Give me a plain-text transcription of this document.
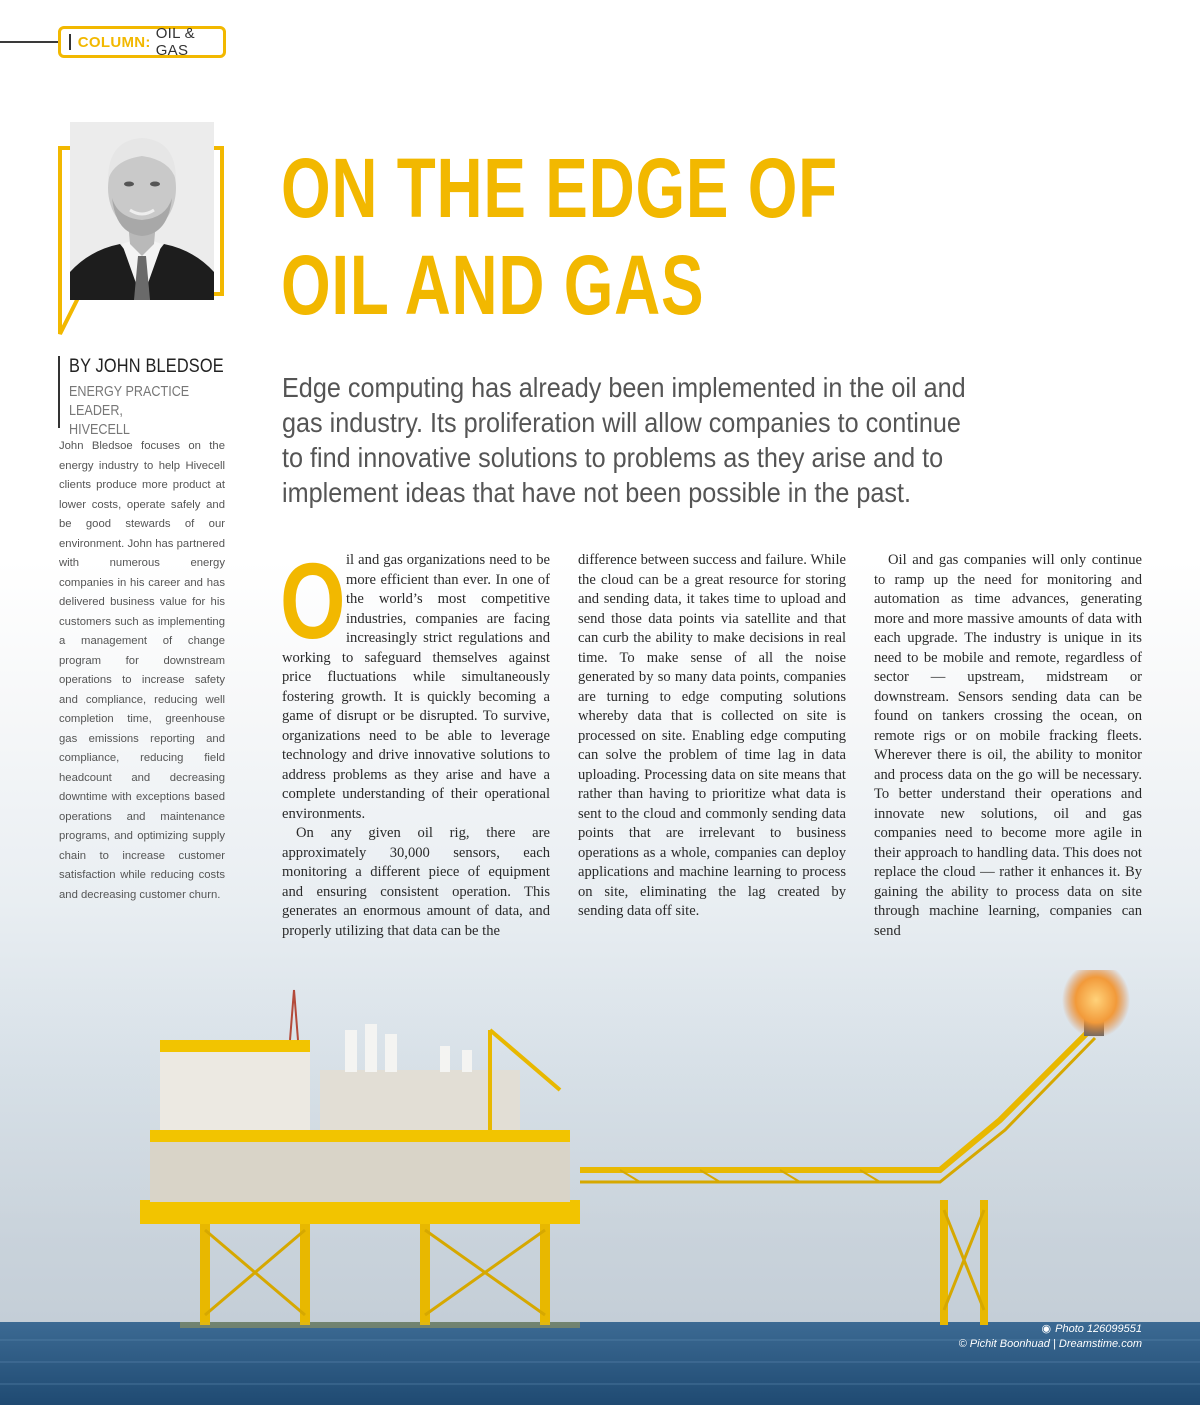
COLUMN: OIL & GAS
BY JOHN BLEDSOE
ENERGY PRACTICE LEADER,
HIVECELL
John Bledsoe focuses on the energy industry to help Hivecell clients produce more product at lower costs, operate safely and be good stewards of our environment. John has partnered with numerous energy companies in his career and has delivered business value for his customers such as implementing a management of change program for downstream operations to increase safety and compliance, reducing well completion time, greenhouse gas emissions reporting and compliance, reducing field headcount and decreasing downtime with exceptions based operations and maintenance programs, and optimizing supply chain to increase customer satisfaction while reducing costs and decreasing customer churn.
ON THE EDGE OF
OIL AND GAS
Edge computing has already been implemented in the oil and gas industry. Its proliferation will allow companies to continue to find innovative solutions to problems as they arise and to implement ideas that have not been possible in the past.

Oil and gas organizations need to be more efficient than ever. In one of the world’s most competitive industries, companies are facing increasingly strict regulations and working to safeguard themselves against price fluctuations while simultaneously fostering growth. It is quickly becoming a game of disrupt or be disrupted. To survive, organizations need to be able to leverage technology and drive innovative solutions to address problems as they arise and have a complete understanding of their operational environments.

On any given oil rig, there are approximately 30,000 sensors, each monitoring a different piece of equipment and ensuring consistent operation. This generates an enormous amount of data, and properly utilizing that data can be the

difference between success and failure. While the cloud can be a great resource for storing and sending data, it takes time to upload and send those data points via satellite and that can curb the ability to make decisions in real time. To make sense of all the noise generated by so many data points, companies are turning to edge computing solutions whereby data that is collected on site is processed on site. Enabling edge computing can solve the problem of time lag in data uploading. Processing data on site means that rather than having to prioritize what data is sent to the cloud and commonly sending data points that are irrelevant to business operations as a whole, companies can deploy applications and machine learning to process on site, eliminating the lag created by sending data off site.

Oil and gas companies will only continue to ramp up the need for monitoring and automation as time advances, generating more and more massive amounts of data with each upgrade. The industry is unique in its need to be mobile and remote, regardless of sector — upstream, midstream or downstream. Sensors sending data can be found on tankers crossing the ocean, on remote rigs or on mobile fracking fleets. Wherever there is oil, the ability to monitor and process data on the go will be necessary. To better understand their operations and innovate new solutions, oil and gas companies need to become more agile in their approach to handling data. This does not replace the cloud — rather it enhances it. By gaining the ability to process data on site through machine learning, companies can send

◉ Photo 126099551
© Pichit Boonhuad | Dreamstime.com
